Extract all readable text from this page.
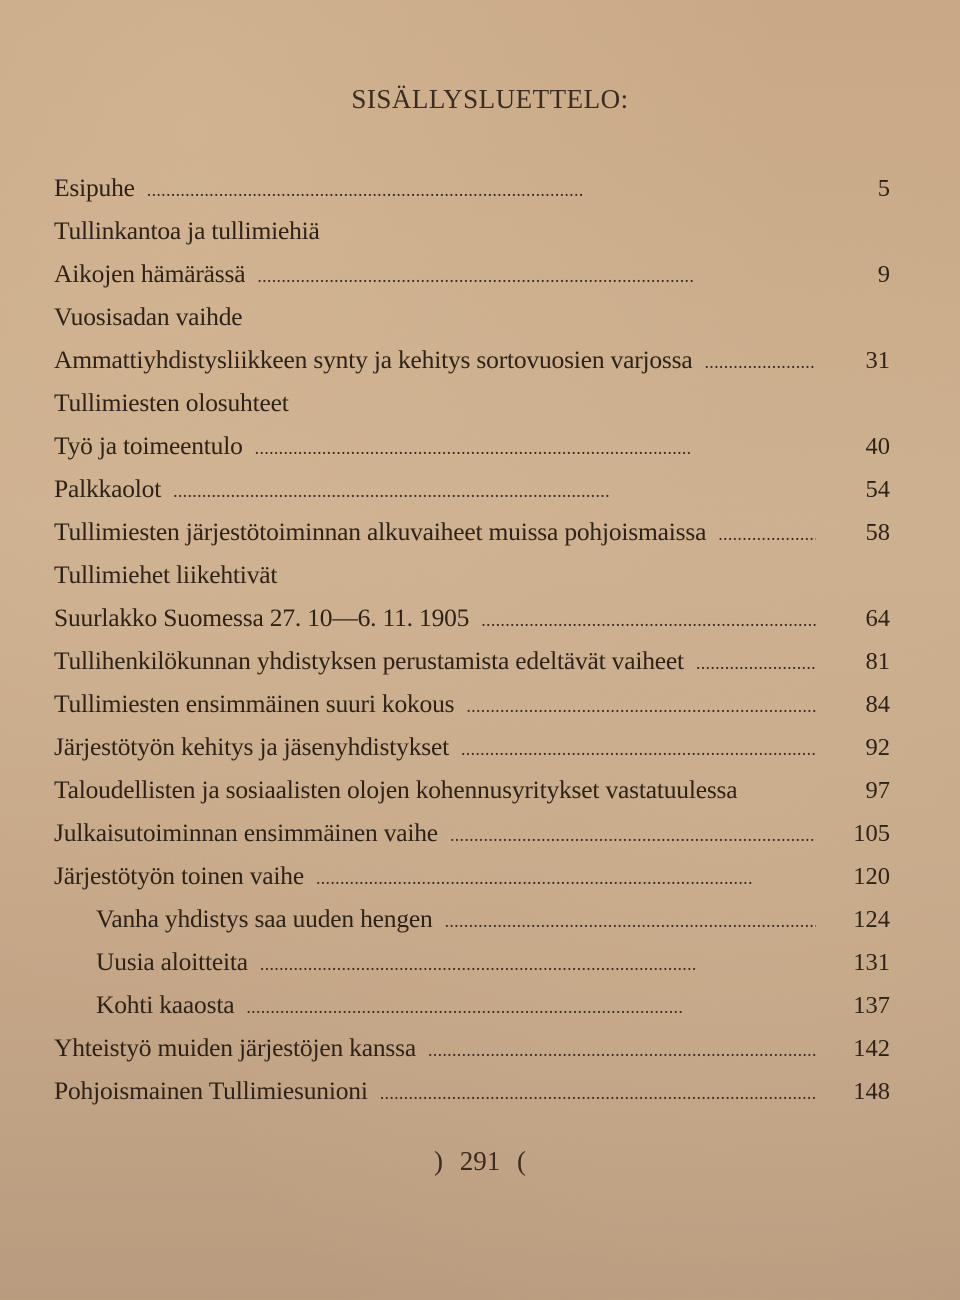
SISÄLLYSLUETTELO:
Esipuhe . . .	5
Tullinkantoa ja tullimiehiä
Aikojen hämärässä . . .	9
Vuosisadan vaihde
Ammattiyhdistysliikkeen synty ja kehitys sortovuosien varjossa . . .	31
Tullimiesten olosuhteet
Työ ja toimeentulo . . .	40
Palkkaolot . . .	54
Tullimiesten järjestötoiminnan alkuvaiheet muissa pohjoismaissa . . .	58
Tullimiehet liikehtivät
Suurlakko Suomessa 27. 10—6. 11. 1905 . . .	64
Tullihenkilökunnan yhdistyksen perustamista edeltävät vaiheet . . .	81
Tullimiesten ensimmäinen suuri kokous . . .	84
Järjestötyön kehitys ja jäsenyhdistykset . . .	92
Taloudellisten ja sosiaalisten olojen kohennusyritykset vastatuulessa	97
Julkaisutoiminnan ensimmäinen vaihe . . .	105
Järjestötyön toinen vaihe . . .	120
Vanha yhdistys saa uuden hengen . . .	124
Uusia aloitteita . . .	131
Kohti kaaosta . . .	137
Yhteistyö muiden järjestöjen kanssa . . .	142
Pohjoismainen Tullimiesunioni . . .	148
) 291 (
